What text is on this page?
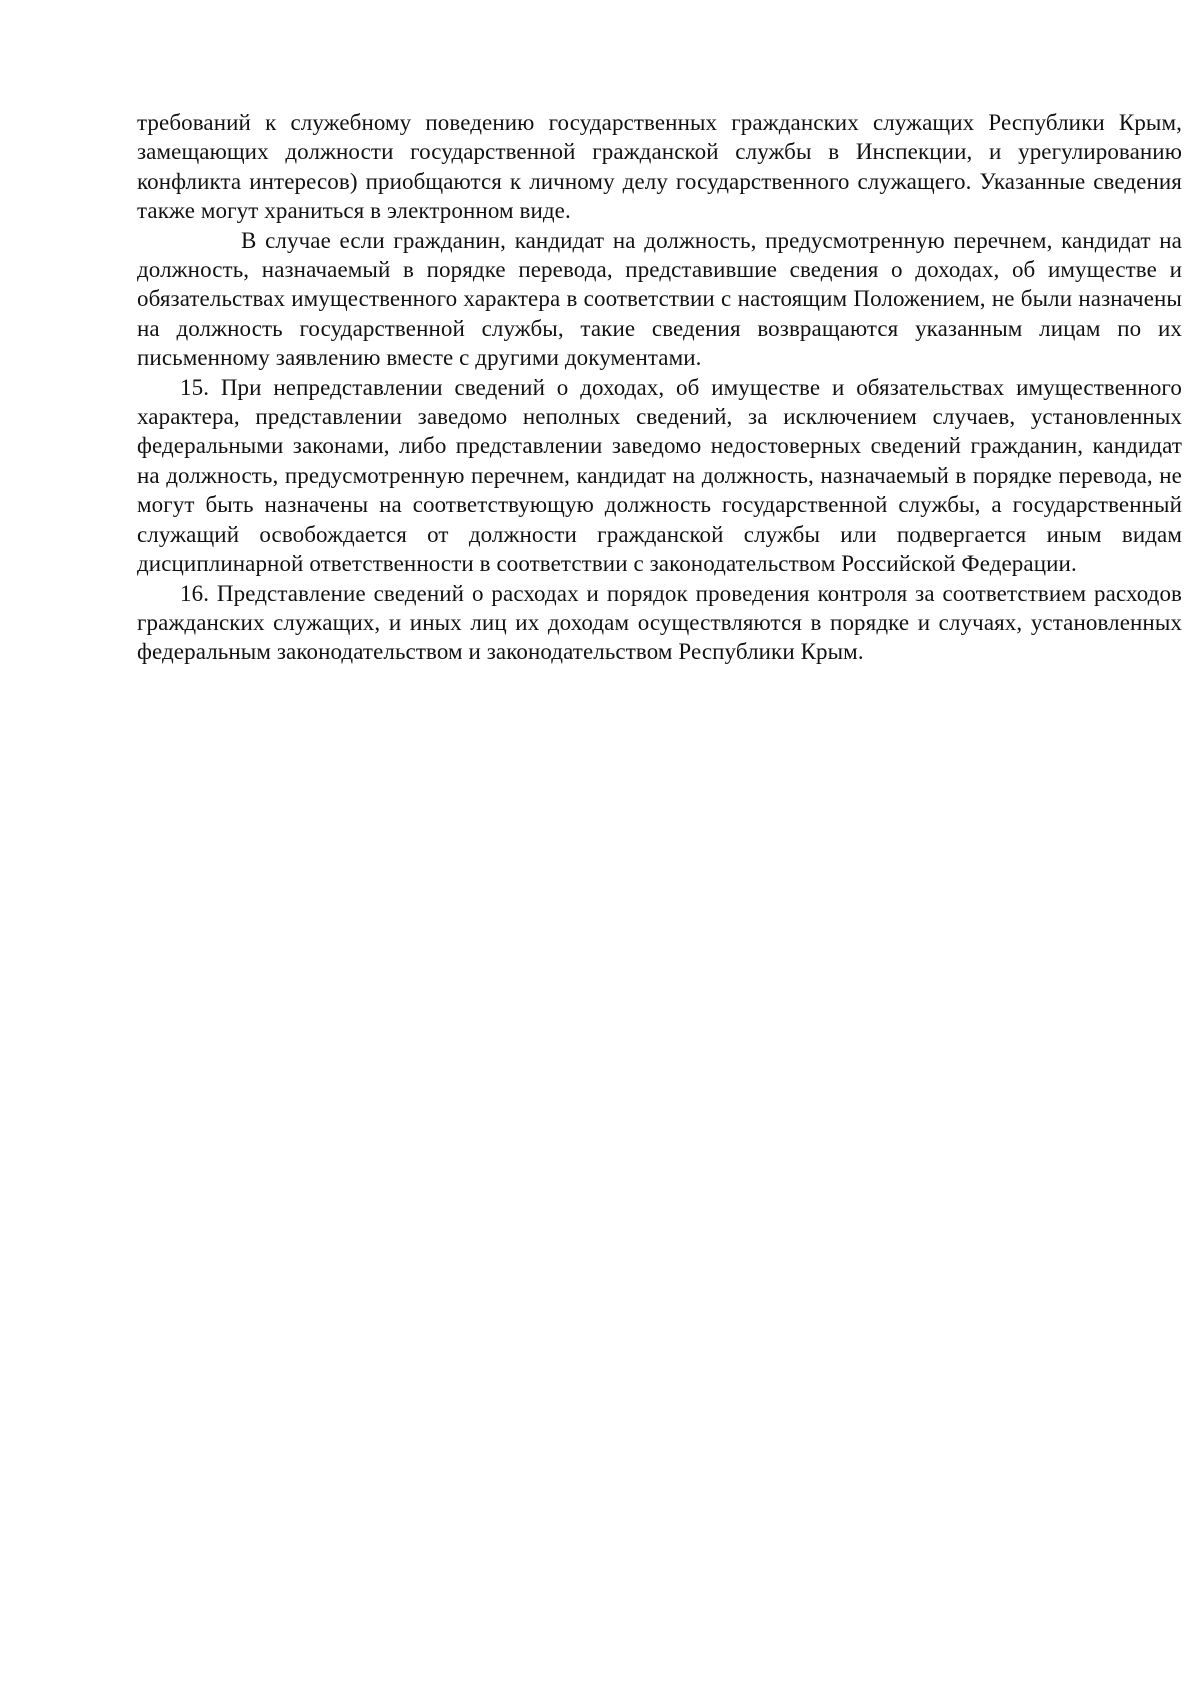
требований к служебному поведению государственных гражданских служащих Республики Крым, замещающих должности государственной гражданской службы в Инспекции, и урегулированию конфликта интересов) приобщаются к личному делу государственного служащего. Указанные сведения также могут храниться в электронном виде.

В случае если гражданин, кандидат на должность, предусмотренную перечнем, кандидат на должность, назначаемый в порядке перевода, представившие сведения о доходах, об имуществе и обязательствах имущественного характера в соответствии с настоящим Положением, не были назначены на должность государственной службы, такие сведения возвращаются указанным лицам по их письменному заявлению вместе с другими документами.

15. При непредставлении сведений о доходах, об имуществе и обязательствах имущественного характера, представлении заведомо неполных сведений, за исключением случаев, установленных федеральными законами, либо представлении заведомо недостоверных сведений гражданин, кандидат на должность, предусмотренную перечнем, кандидат на должность, назначаемый в порядке перевода, не могут быть назначены на соответствующую должность государственной службы, а государственный служащий освобождается от должности гражданской службы или подвергается иным видам дисциплинарной ответственности в соответствии с законодательством Российской Федерации.

16. Представление сведений о расходах и порядок проведения контроля за соответствием расходов гражданских служащих, и иных лиц их доходам осуществляются в порядке и случаях, установленных федеральным законодательством и законодательством Республики Крым.
